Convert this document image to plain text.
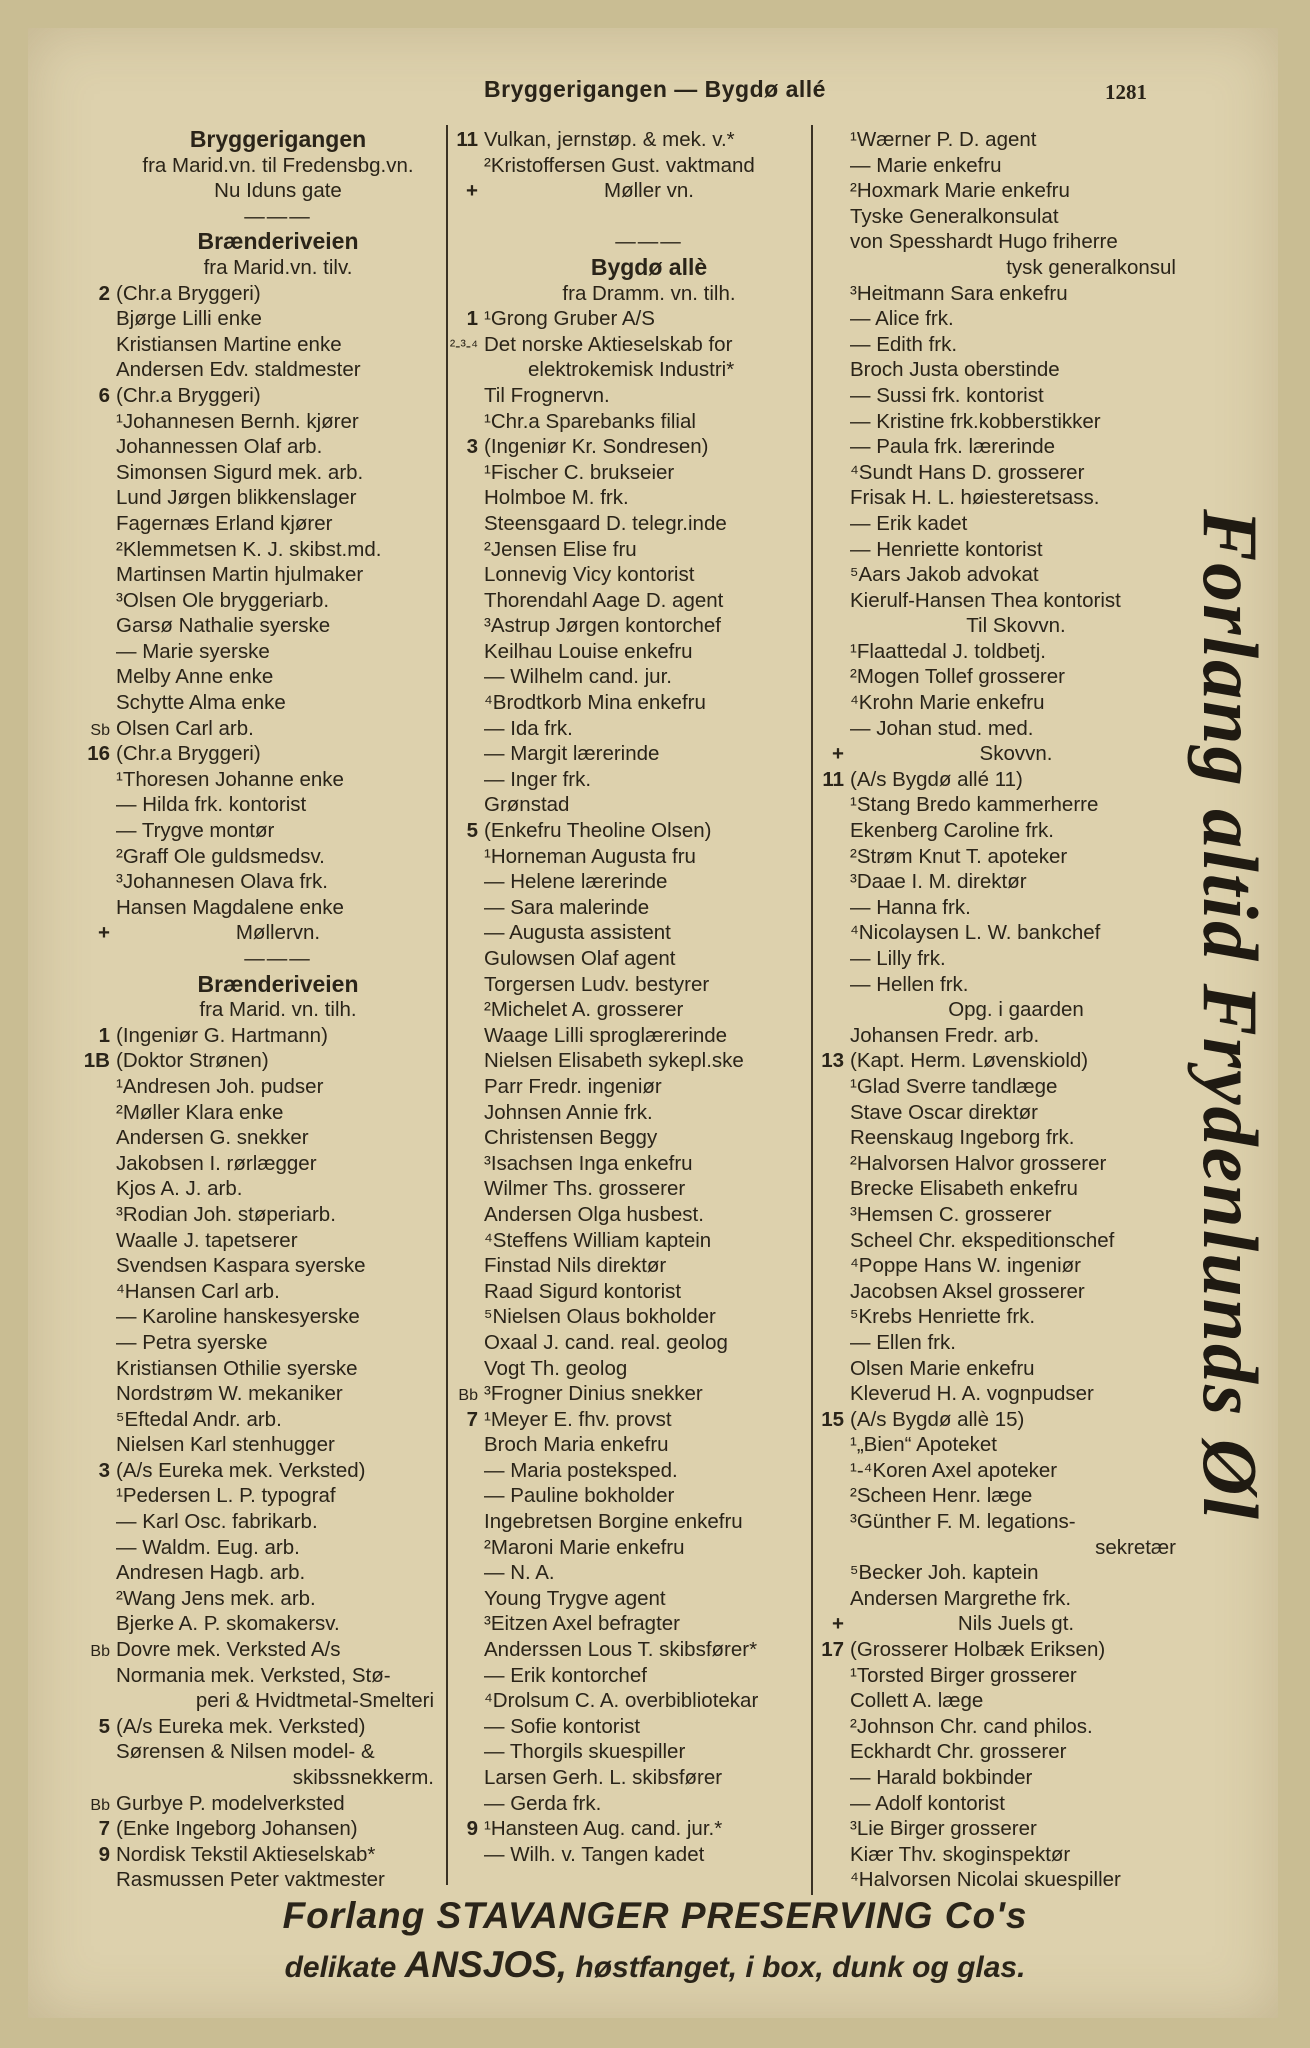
Bryggerigangen — Bygdø allé	1281
Bryggerigangen
fra Marid.vn. til Fredensbg.vn.
Nu Iduns gate
———
Brænderiveien
fra Marid.vn. tilv.
2 (Chr.a Bryggeri)
Bjørge Lilli enke
Kristiansen Martine enke
Andersen Edv. staldmester
6 (Chr.a Bryggeri)
¹Johannesen Bernh. kjører
Johannessen Olaf arb.
Simonsen Sigurd mek. arb.
Lund Jørgen blikkenslager
Fagernæs Erland kjører
²Klemmetsen K. J. skibst.md.
Martinsen Martin hjulmaker
³Olsen Ole bryggeriarb.
Garsø Nathalie syerske
— Marie syerske
Melby Anne enke
Schytte Alma enke
Sb Olsen Carl arb.
16 (Chr.a Bryggeri)
¹Thoresen Johanne enke
— Hilda frk. kontorist
— Trygve montør
²Graff Ole guldsmedsv.
³Johannesen Olava frk.
Hansen Magdalene enke
+	Møllervn.
———
Brænderiveien
fra Marid. vn. tilh.
1 (Ingeniør G. Hartmann)
1B (Doktor Strønen)
¹Andresen Joh. pudser
²Møller Klara enke
Andersen G. snekker
Jakobsen I. rørlægger
Kjos A. J. arb.
³Rodian Joh. støperiarb.
Waalle J. tapetserer
Svendsen Kaspara syerske
⁴Hansen Carl arb.
— Karoline hanskesyerske
— Petra syerske
Kristiansen Othilie syerske
Nordstrøm W. mekaniker
⁵Eftedal Andr. arb.
Nielsen Karl stenhugger
3 (A/s Eureka mek. Verksted)
¹Pedersen L. P. typograf
— Karl Osc. fabrikarb.
— Waldm. Eug. arb.
Andresen Hagb. arb.
²Wang Jens mek. arb.
Bjerke A. P. skomakersv.
Bb Dovre mek. Verksted A/s
Normania mek. Verksted, Stø-
peri & Hvidtmetal-Smelteri
5 (A/s Eureka mek. Verksted)
Sørensen & Nilsen model- &
skibssnekkerm.
Bb Gurbye P. modelverksted
7 (Enke Ingeborg Johansen)
9 Nordisk Tekstil Aktieselskab*
Rasmussen Peter vaktmester
11 Vulkan, jernstøp. & mek. v.*
²Kristoffersen Gust. vaktmand
+	Møller vn.
———
Bygdø allè
fra Dramm. vn. tilh.
1 ¹Grong Gruber A/S
²-³-⁴ Det norske Aktieselskab for
elektrokemisk Industri*
Til Frognervn.
¹Chr.a Sparebanks filial
3 (Ingeniør Kr. Sondresen)
¹Fischer C. brukseier
Holmboe M. frk.
Steensgaard D. telegr.inde
²Jensen Elise fru
Lonnevig Vicy kontorist
Thorendahl Aage D. agent
³Astrup Jørgen kontorchef
Keilhau Louise enkefru
— Wilhelm cand. jur.
⁴Brodtkorb Mina enkefru
— Ida frk.
— Margit lærerinde
— Inger frk.
Grønstad
5 (Enkefru Theoline Olsen)
¹Horneman Augusta fru
— Helene lærerinde
— Sara malerinde
— Augusta assistent
Gulowsen Olaf agent
Torgersen Ludv. bestyrer
²Michelet A. grosserer
Waage Lilli sproglærerinde
Nielsen Elisabeth sykepl.ske
Parr Fredr. ingeniør
Johnsen Annie frk.
Christensen Beggy
³Isachsen Inga enkefru
Wilmer Ths. grosserer
Andersen Olga husbest.
⁴Steffens William kaptein
Finstad Nils direktør
Raad Sigurd kontorist
⁵Nielsen Olaus bokholder
Oxaal J. cand. real. geolog
Vogt Th. geolog
Bb ³Frogner Dinius snekker
7 ¹Meyer E. fhv. provst
Broch Maria enkefru
— Maria posteksped.
— Pauline bokholder
Ingebretsen Borgine enkefru
²Maroni Marie enkefru
— N. A.
Young Trygve agent
³Eitzen Axel befragter
Anderssen Lous T. skibsfører*
— Erik kontorchef
⁴Drolsum C. A. overbibliotekar
— Sofie kontorist
— Thorgils skuespiller
Larsen Gerh. L. skibsfører
— Gerda frk.
9 ¹Hansteen Aug. cand. jur.*
— Wilh. v. Tangen kadet
¹Wærner P. D. agent
— Marie enkefru
²Hoxmark Marie enkefru
Tyske Generalkonsulat
von Spesshardt Hugo friherre
tysk generalkonsul
³Heitmann Sara enkefru
— Alice frk.
— Edith frk.
Broch Justa oberstinde
— Sussi frk. kontorist
— Kristine frk.kobberstikker
— Paula frk. lærerinde
⁴Sundt Hans D. grosserer
Frisak H. L. høiesteretsass.
— Erik kadet
— Henriette kontorist
⁵Aars Jakob advokat
Kierulf-Hansen Thea kontorist
Til Skovvn.
¹Flaattedal J. toldbetj.
²Mogen Tollef grosserer
⁴Krohn Marie enkefru
— Johan stud. med.
+	Skovvn.
11 (A/s Bygdø allé 11)
¹Stang Bredo kammerherre
Ekenberg Caroline frk.
²Strøm Knut T. apoteker
³Daae I. M. direktør
— Hanna frk.
⁴Nicolaysen L. W. bankchef
— Lilly frk.
— Hellen frk.
Opg. i gaarden
Johansen Fredr. arb.
13 (Kapt. Herm. Løvenskiold)
¹Glad Sverre tandlæge
Stave Oscar direktør
Reenskaug Ingeborg frk.
²Halvorsen Halvor grosserer
Brecke Elisabeth enkefru
³Hemsen C. grosserer
Scheel Chr. ekspeditionschef
⁴Poppe Hans W. ingeniør
Jacobsen Aksel grosserer
⁵Krebs Henriette frk.
— Ellen frk.
Olsen Marie enkefru
Kleverud H. A. vognpudser
15 (A/s Bygdø allè 15)
¹„Bien“ Apoteket
¹-⁴Koren Axel apoteker
²Scheen Henr. læge
³Günther F. M. legations-
sekretær
⁵Becker Joh. kaptein
Andersen Margrethe frk.
+	Nils Juels gt.
17 (Grosserer Holbæk Eriksen)
¹Torsted Birger grosserer
Collett A. læge
²Johnson Chr. cand philos.
Eckhardt Chr. grosserer
— Harald bokbinder
— Adolf kontorist
³Lie Birger grosserer
Kiær Thv. skoginspektør
⁴Halvorsen Nicolai skuespiller
Forlang altid Frydenlunds Øl
Forlang STAVANGER PRESERVING Co's
delikate ANSJOS, høstfanget, i box, dunk og glas.
